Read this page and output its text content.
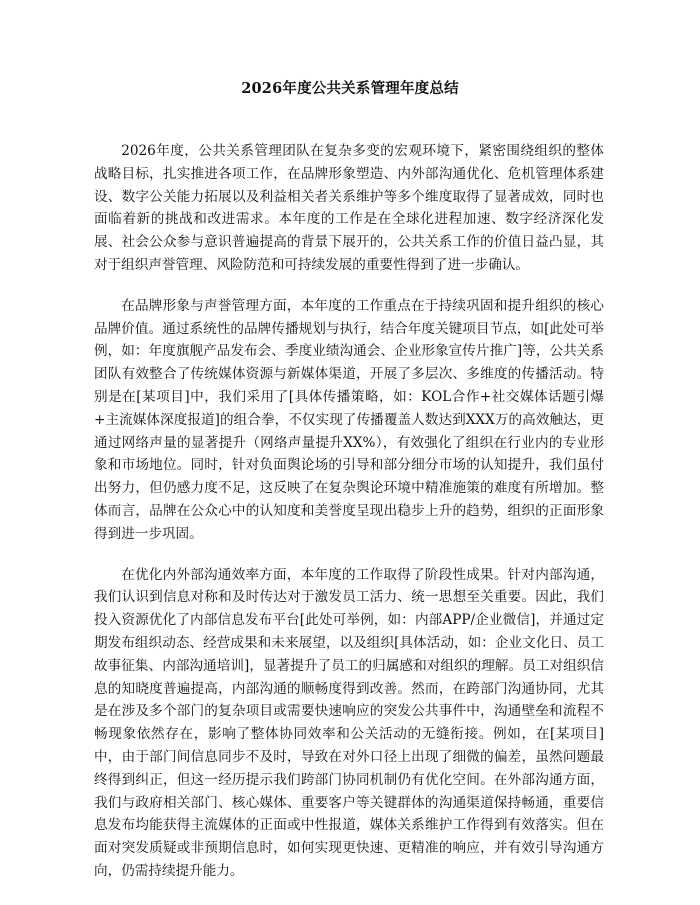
2026年度公共关系管理年度总结

2026年度，公共关系管理团队在复杂多变的宏观环境下，紧密围绕组织的整体战略目标，扎实推进各项工作，在品牌形象塑造、内外部沟通优化、危机管理体系建设、数字公关能力拓展以及利益相关者关系维护等多个维度取得了显著成效，同时也面临着新的挑战和改进需求。本年度的工作是在全球化进程加速、数字经济深化发展、社会公众参与意识普遍提高的背景下展开的，公共关系工作的价值日益凸显，其对于组织声誉管理、风险防范和可持续发展的重要性得到了进一步确认。

在品牌形象与声誉管理方面，本年度的工作重点在于持续巩固和提升组织的核心品牌价值。通过系统性的品牌传播规划与执行，结合年度关键项目节点，如[此处可举例，如：年度旗舰产品发布会、季度业绩沟通会、企业形象宣传片推广]等，公共关系团队有效整合了传统媒体资源与新媒体渠道，开展了多层次、多维度的传播活动。特别是在[某项目]中，我们采用了[具体传播策略，如：KOL合作+社交媒体话题引爆+主流媒体深度报道]的组合拳，不仅实现了传播覆盖人数达到XXX万的高效触达，更通过网络声量的显著提升（网络声量提升XX%），有效强化了组织在行业内的专业形象和市场地位。同时，针对负面舆论场的引导和部分细分市场的认知提升，我们虽付出努力，但仍感力度不足，这反映了在复杂舆论环境中精准施策的难度有所增加。整体而言，品牌在公众心中的认知度和美誉度呈现出稳步上升的趋势，组织的正面形象得到进一步巩固。

在优化内外部沟通效率方面，本年度的工作取得了阶段性成果。针对内部沟通，我们认识到信息对称和及时传达对于激发员工活力、统一思想至关重要。因此，我们投入资源优化了内部信息发布平台[此处可举例，如：内部APP/企业微信]，并通过定期发布组织动态、经营成果和未来展望，以及组织[具体活动，如：企业文化日、员工故事征集、内部沟通培训]，显著提升了员工的归属感和对组织的理解。员工对组织信息的知晓度普遍提高，内部沟通的顺畅度得到改善。然而，在跨部门沟通协同，尤其是在涉及多个部门的复杂项目或需要快速响应的突发公共事件中，沟通壁垒和流程不畅现象依然存在，影响了整体协同效率和公关活动的无缝衔接。例如，在[某项目]中，由于部门间信息同步不及时，导致在对外口径上出现了细微的偏差，虽然问题最终得到纠正，但这一经历提示我们跨部门协同机制仍有优化空间。在外部沟通方面，我们与政府相关部门、核心媒体、重要客户等关键群体的沟通渠道保持畅通，重要信息发布均能获得主流媒体的正面或中性报道，媒体关系维护工作得到有效落实。但在面对突发质疑或非预期信息时，如何实现更快速、更精准的响应，并有效引导沟通方向，仍需持续提升能力。
